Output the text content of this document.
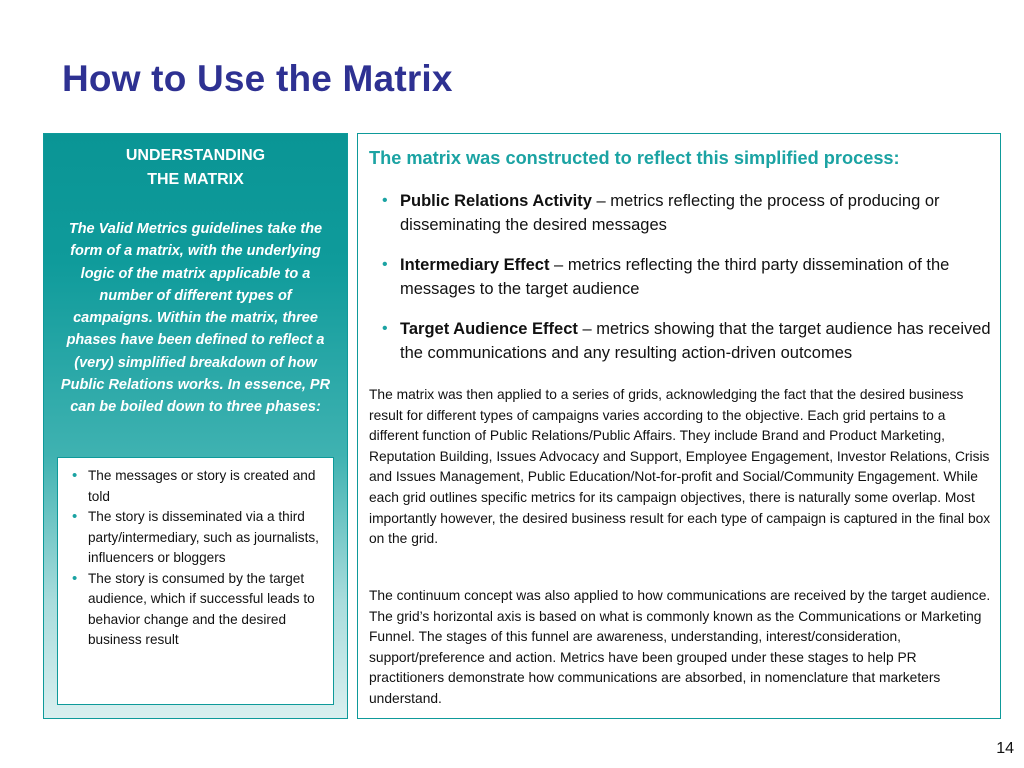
How to Use the Matrix
UNDERSTANDING
THE MATRIX

The Valid Metrics guidelines take the form of a matrix, with the underlying logic of the matrix applicable to a number of different types of campaigns. Within the matrix, three phases have been defined to reflect a (very) simplified breakdown of how Public Relations works. In essence, PR can be boiled down to three phases:

• The messages or story is created and told
• The story is disseminated via a third party/intermediary, such as journalists, influencers or bloggers
• The story is consumed by the target audience, which if successful leads to behavior change and the desired business result
The matrix was constructed to reflect this simplified process:
• Public Relations Activity – metrics reflecting the process of producing or disseminating the desired messages
• Intermediary Effect – metrics reflecting the third party dissemination of the messages to the target audience
• Target Audience Effect – metrics showing that the target audience has received the communications and any resulting action-driven outcomes

The matrix was then applied to a series of grids, acknowledging the fact that the desired business result for different types of campaigns varies according to the objective. Each grid pertains to a different function of Public Relations/Public Affairs. They include Brand and Product Marketing, Reputation Building, Issues Advocacy and Support, Employee Engagement, Investor Relations, Crisis and Issues Management, Public Education/Not-for-profit and Social/Community Engagement. While each grid outlines specific metrics for its campaign objectives, there is naturally some overlap. Most importantly however, the desired business result for each type of campaign is captured in the final box on the grid.

The continuum concept was also applied to how communications are received by the target audience. The grid’s horizontal axis is based on what is commonly known as the Communications or Marketing Funnel. The stages of this funnel are awareness, understanding, interest/consideration, support/preference and action. Metrics have been grouped under these stages to help PR practitioners demonstrate how communications are absorbed, in nomenclature that marketers understand.

14
